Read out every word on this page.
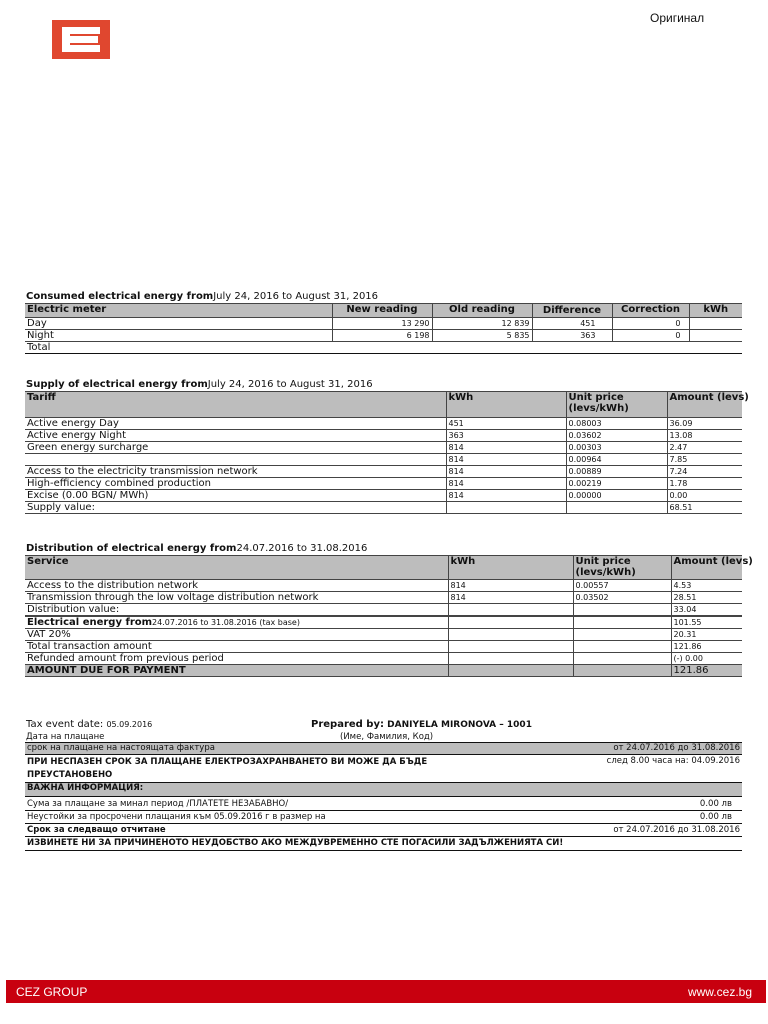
Оригинал
Consumed electrical energy fromJuly 24, 2016 to August 31, 2016
Electric meter	New reading	Old reading	Difference	Correction	kWh
Day	13 290	12 839	451	0	
Night	6 198	5 835	363	0	
Total					
Supply of electrical energy fromJuly 24, 2016 to August 31, 2016
Tariff	kWh	Unit price (levs/kWh)	Amount (levs)
Active energy Day	451	0.08003	36.09
Active energy Night	363	0.03602	13.08
Green energy surcharge	814	0.00303	2.47
	814	0.00964	7.85
Access to the electricity transmission network	814	0.00889	7.24
High-efficiency combined production	814	0.00219	1.78
Excise (0.00 BGN/ MWh)	814	0.00000	0.00
Supply value:			68.51
Distribution of electrical energy from24.07.2016 to 31.08.2016
Service	kWh	Unit price (levs/kWh)	Amount (levs)
Access to the distribution network	814	0.00557	4.53
Transmission through the low voltage distribution network	814	0.03502	28.51
Distribution value:			33.04

Electrical energy from24.07.2016 to 31.08.2016 (tax base)			101.55
VAT 20%			20.31
Total transaction amount			121.86
Refunded amount from previous period			(-) 0.00
AMOUNT DUE FOR PAYMENT			121.86
Tax event date: 05.09.2016	Prepared by: DANIYELA MIRONOVA – 1001
Дата на плащане	(Име, Фамилия, Код)
срок на плащане на настоящата фактура	от 24.07.2016 до 31.08.2016
ПРИ НЕСПАЗЕН СРОК ЗА ПЛАЩАНЕ ЕЛЕКТРОЗАХРАНВАНЕТО ВИ МОЖЕ ДА БЪДЕ
ПРЕУСТАНОВЕНО	след 8.00 часа на: 04.09.2016
ВАЖНА ИНФОРМАЦИЯ:	
Сума за плащане за минал период /ПЛАТЕТЕ НЕЗАБАВНО/	0.00 лв
Неустойки за просрочени плащания към 05.09.2016 г в размер на	0.00 лв
Срок за следващо отчитане	от 24.07.2016 до 31.08.2016
ИЗВИНЕТЕ НИ ЗА ПРИЧИНЕНОТО НЕУДОБСТВО АКО МЕЖДУВРЕМЕННО СТЕ ПОГАСИЛИ ЗАДЪЛЖЕНИЯТА СИ!	
CEZ GROUP	www.cez.bg
